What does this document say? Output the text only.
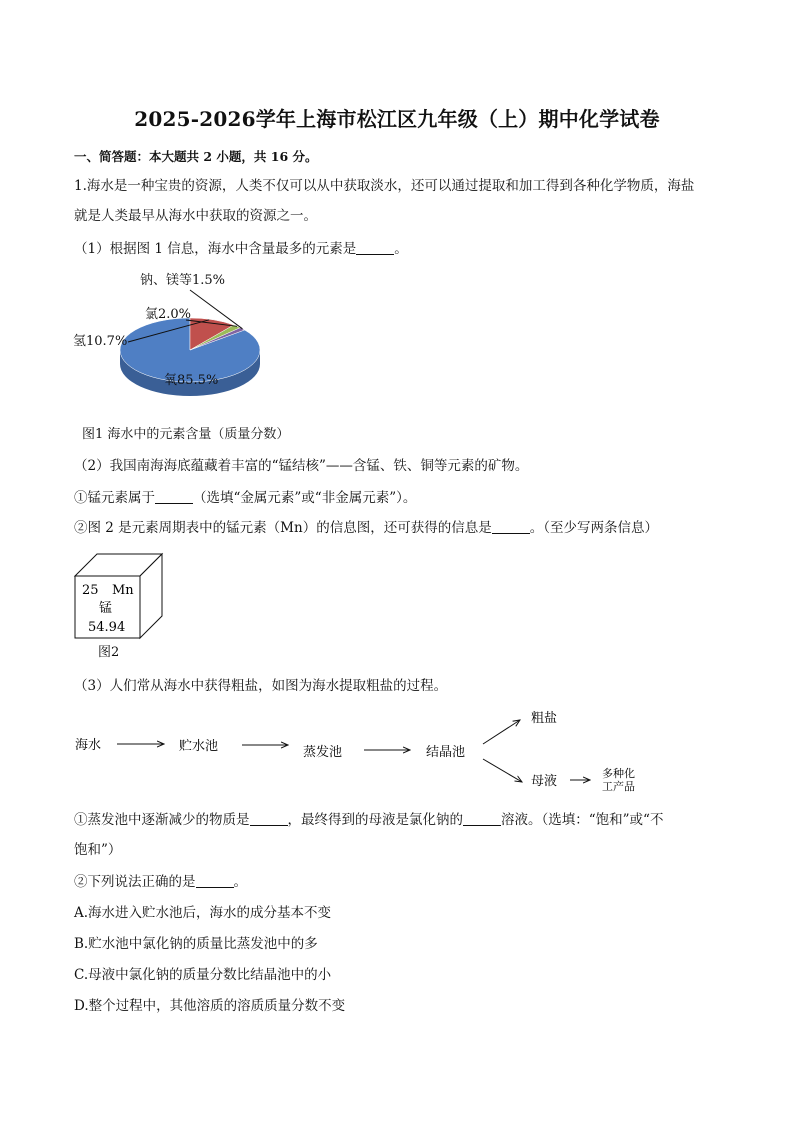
2025-2026学年上海市松江区九年级（上）期中化学试卷
一、简答题：本大题共 2 小题，共 16 分。
1.海水是一种宝贵的资源，人类不仅可以从中获取淡水，还可以通过提取和加工得到各种化学物质，海盐
就是人类最早从海水中获取的资源之一。
（1）根据图 1 信息，海水中含量最多的元素是	。
氧85.5%
氢10.7%
氯2.0%
钠、镁等1.5%
图1 海水中的元素含量（质量分数）
（2）我国南海海底蕴藏着丰富的“锰结核”——含锰、铁、铜等元素的矿物。
①锰元素属于	（选填“金属元素”或“非金属元素”）。
②图 2 是元素周期表中的锰元素（Mn）的信息图，还可获得的信息是	。（至少写两条信息）
25 Mn
锰
54.94
图2
（3）人们常从海水中获得粗盐，如图为海水提取粗盐的过程。
海水	贮水池	蒸发池	结晶池
粗盐
母液
多种化
工产品
①蒸发池中逐渐减少的物质是	，最终得到的母液是氯化钠的	溶液。（选填：“饱和”或“不
饱和”）
②下列说法正确的是	。
A.海水进入贮水池后，海水的成分基本不变
B.贮水池中氯化钠的质量比蒸发池中的多
C.母液中氯化钠的质量分数比结晶池中的小
D.整个过程中，其他溶质的溶质质量分数不变
